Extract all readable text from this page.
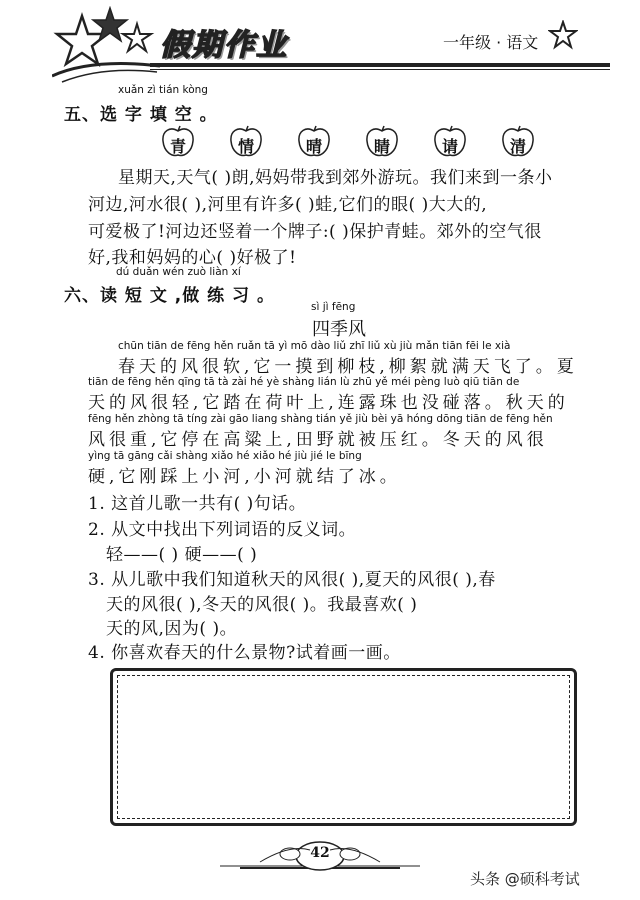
假期作业	一年级 · 语文
xuǎn zì tián kòng
五、选 字 填 空 。
青	情	晴	睛	请	清
星期天,天气( )朗,妈妈带我到郊外游玩。我们来到一条小
河边,河水很( ),河里有许多( )蛙,它们的眼( )大大的,
可爱极了!河边还竖着一个牌子:( )保护青蛙。郊外的空气很
好,我和妈妈的心( )好极了!
dú duǎn wén zuò liàn xí
六、读 短 文 ,做 练 习 。
sì jì fēng
四季风
chūn tiān de fēng hěn ruǎn tā yì mō dào liǔ zhī liǔ xù jiù mǎn tiān fēi le xià
春天的风很软,它一摸到柳枝,柳絮就满天飞了。夏
tiān de fēng hěn qīng tā tà zài hé yè shàng lián lù zhū yě méi pèng luò qiū tiān de
天的风很轻,它踏在荷叶上,连露珠也没碰落。秋天的
fēng hěn zhòng tā tíng zài gāo liang shàng tián yě jiù bèi yā hóng dōng tiān de fēng hěn
风很重,它停在高粱上,田野就被压红。冬天的风很
yìng tā gāng cǎi shàng xiǎo hé xiǎo hé jiù jié le bīng
硬,它刚踩上小河,小河就结了冰。
1. 这首儿歌一共有( )句话。
2. 从文中找出下列词语的反义词。
轻——( ) 硬——( )
3. 从儿歌中我们知道秋天的风很( ),夏天的风很( ),春
天的风很( ),冬天的风很( )。我最喜欢( )
天的风,因为( )。
4. 你喜欢春天的什么景物?试着画一画。
42
头条 @硕科考试
